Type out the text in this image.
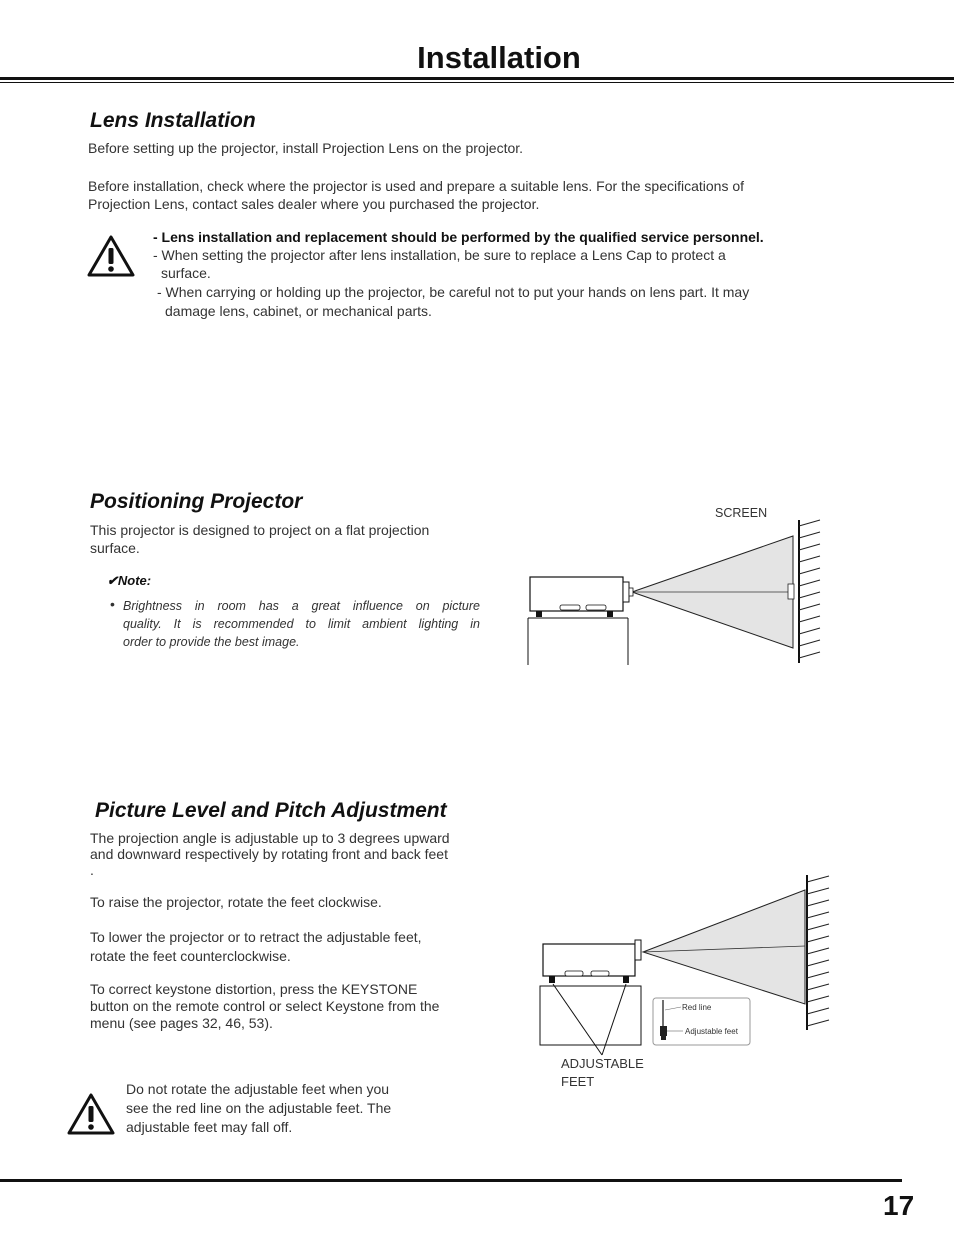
Installation
Lens Installation
Before setting up the projector, install Projection Lens on the projector.
Before installation, check where the projector is used and prepare a suitable lens. For the specifications of
Projection Lens, contact sales dealer where you purchased the projector.
- Lens installation and replacement should be performed by the qualified service personnel.
- When setting the projector after lens installation, be sure to replace a Lens Cap to protect a
surface.
- When carrying or holding up the projector, be careful not to put your hands on lens part. It may
damage lens, cabinet, or mechanical parts.
Positioning Projector
This projector is designed to project on a flat projection
surface.
✔Note:
• Brightness in room has a great influence on picture
quality. It is recommended to limit ambient lighting in
order to provide the best image.
SCREEN
Picture Level and Pitch Adjustment
The projection angle is adjustable up to 3 degrees upward
and downward respectively by rotating front and back feet
.
To raise the projector, rotate the feet clockwise.
To lower the projector or to retract the adjustable feet,
rotate the feet counterclockwise.
To correct keystone distortion, press the KEYSTONE
button on the remote control or select Keystone from the
menu (see pages 32, 46, 53).
Red line
Adjustable feet
ADJUSTABLE
FEET
Do not rotate the adjustable feet when you
see the red line on the adjustable feet. The
adjustable feet may fall off.
17
